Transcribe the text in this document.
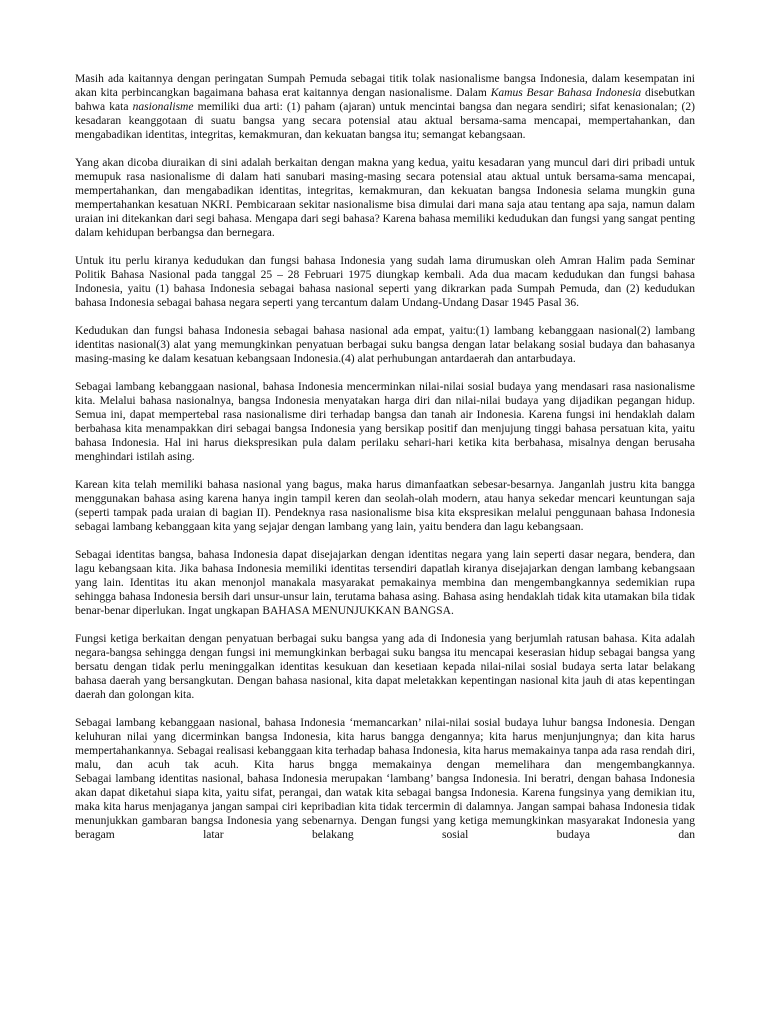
Masih ada kaitannya dengan peringatan Sumpah Pemuda sebagai titik tolak nasionalisme bangsa Indonesia, dalam kesempatan ini akan kita perbincangkan bagaimana bahasa erat kaitannya dengan nasionalisme. Dalam Kamus Besar Bahasa Indonesia disebutkan bahwa kata nasionalisme memiliki dua arti: (1) paham (ajaran) untuk mencintai bangsa dan negara sendiri; sifat kenasionalan; (2) kesadaran keanggotaan di suatu bangsa yang secara potensial atau aktual bersama-sama mencapai, mempertahankan, dan mengabadikan identitas, integritas, kemakmuran, dan kekuatan bangsa itu; semangat kebangsaan.

Yang akan dicoba diuraikan di sini adalah berkaitan dengan makna yang kedua, yaitu kesadaran yang muncul dari diri pribadi untuk memupuk rasa nasionalisme di dalam hati sanubari masing-masing secara potensial atau aktual untuk bersama-sama mencapai, mempertahankan, dan mengabadikan identitas, integritas, kemakmuran, dan kekuatan bangsa Indonesia selama mungkin guna mempertahankan kesatuan NKRI. Pembicaraan sekitar nasionalisme bisa dimulai dari mana saja atau tentang apa saja, namun dalam uraian ini ditekankan dari segi bahasa. Mengapa dari segi bahasa? Karena bahasa memiliki kedudukan dan fungsi yang sangat penting dalam kehidupan berbangsa dan bernegara.

Untuk itu perlu kiranya kedudukan dan fungsi bahasa Indonesia yang sudah lama dirumuskan oleh Amran Halim pada Seminar Politik Bahasa Nasional pada tanggal 25 – 28 Februari 1975 diungkap kembali. Ada dua macam kedudukan dan fungsi bahasa Indonesia, yaitu (1) bahasa Indonesia sebagai bahasa nasional seperti yang dikrarkan pada Sumpah Pemuda, dan (2) kedudukan bahasa Indonesia sebagai bahasa negara seperti yang tercantum dalam Undang-Undang Dasar 1945 Pasal 36.

Kedudukan dan fungsi bahasa Indonesia sebagai bahasa nasional ada empat, yaitu:(1) lambang kebanggaan nasional(2) lambang identitas nasional(3) alat yang memungkinkan penyatuan berbagai suku bangsa dengan latar belakang sosial budaya dan bahasanya masing-masing ke dalam kesatuan kebangsaan Indonesia.(4) alat perhubungan antardaerah dan antarbudaya.

Sebagai lambang kebanggaan nasional, bahasa Indonesia mencerminkan nilai-nilai sosial budaya yang mendasari rasa nasionalisme kita. Melalui bahasa nasionalnya, bangsa Indonesia menyatakan harga diri dan nilai-nilai budaya yang dijadikan pegangan hidup. Semua ini, dapat mempertebal rasa nasionalisme diri terhadap bangsa dan tanah air Indonesia. Karena fungsi ini hendaklah dalam berbahasa kita menampakkan diri sebagai bangsa Indonesia yang bersikap positif dan menjujung tinggi bahasa persatuan kita, yaitu bahasa Indonesia. Hal ini harus diekspresikan pula dalam perilaku sehari-hari ketika kita berbahasa, misalnya dengan berusaha menghindari istilah asing.

Karean kita telah memiliki bahasa nasional yang bagus, maka harus dimanfaatkan sebesar-besarnya. Janganlah justru kita bangga menggunakan bahasa asing karena hanya ingin tampil keren dan seolah-olah modern, atau hanya sekedar mencari keuntungan saja (seperti tampak pada uraian di bagian II). Pendeknya rasa nasionalisme bisa kita ekspresikan melalui penggunaan bahasa Indonesia sebagai lambang kebanggaan kita yang sejajar dengan lambang yang lain, yaitu bendera dan lagu kebangsaan.

Sebagai identitas bangsa, bahasa Indonesia dapat disejajarkan dengan identitas negara yang lain seperti dasar negara, bendera, dan lagu kebangsaan kita. Jika bahasa Indonesia memiliki identitas tersendiri dapatlah kiranya disejajarkan dengan lambang kebangsaan yang lain. Identitas itu akan menonjol manakala masyarakat pemakainya membina dan mengembangkannya sedemikian rupa sehingga bahasa Indonesia bersih dari unsur-unsur lain, terutama bahasa asing. Bahasa asing hendaklah tidak kita utamakan bila tidak benar-benar diperlukan. Ingat ungkapan BAHASA MENUNJUKKAN BANGSA.

Fungsi ketiga berkaitan dengan penyatuan berbagai suku bangsa yang ada di Indonesia yang berjumlah ratusan bahasa. Kita adalah negara-bangsa sehingga dengan fungsi ini memungkinkan berbagai suku bangsa itu mencapai keserasian hidup sebagai bangsa yang bersatu dengan tidak perlu meninggalkan identitas kesukuan dan kesetiaan kepada nilai-nilai sosial budaya serta latar belakang bahasa daerah yang bersangkutan. Dengan bahasa nasional, kita dapat meletakkan kepentingan nasional kita jauh di atas kepentingan daerah dan golongan kita.

Sebagai lambang kebanggaan nasional, bahasa Indonesia ‘memancarkan’ nilai-nilai sosial budaya luhur bangsa Indonesia. Dengan keluhuran nilai yang dicerminkan bangsa Indonesia, kita harus bangga dengannya; kita harus menjunjungnya; dan kita harus mempertahankannya. Sebagai realisasi kebanggaan kita terhadap bahasa Indonesia, kita harus memakainya tanpa ada rasa rendah diri, malu, dan acuh tak acuh. Kita harus bngga memakainya dengan memelihara dan mengembangkannya.

Sebagai lambang identitas nasional, bahasa Indonesia merupakan ‘lambang’ bangsa Indonesia. Ini beratri, dengan bahasa Indonesia akan dapat diketahui siapa kita, yaitu sifat, perangai, dan watak kita sebagai bangsa Indonesia. Karena fungsinya yang demikian itu, maka kita harus menjaganya jangan sampai ciri kepribadian kita tidak tercermin di dalamnya. Jangan sampai bahasa Indonesia tidak menunjukkan gambaran bangsa Indonesia yang sebenarnya. Dengan fungsi yang ketiga memungkinkan masyarakat Indonesia yang beragam latar belakang sosial budaya dan
